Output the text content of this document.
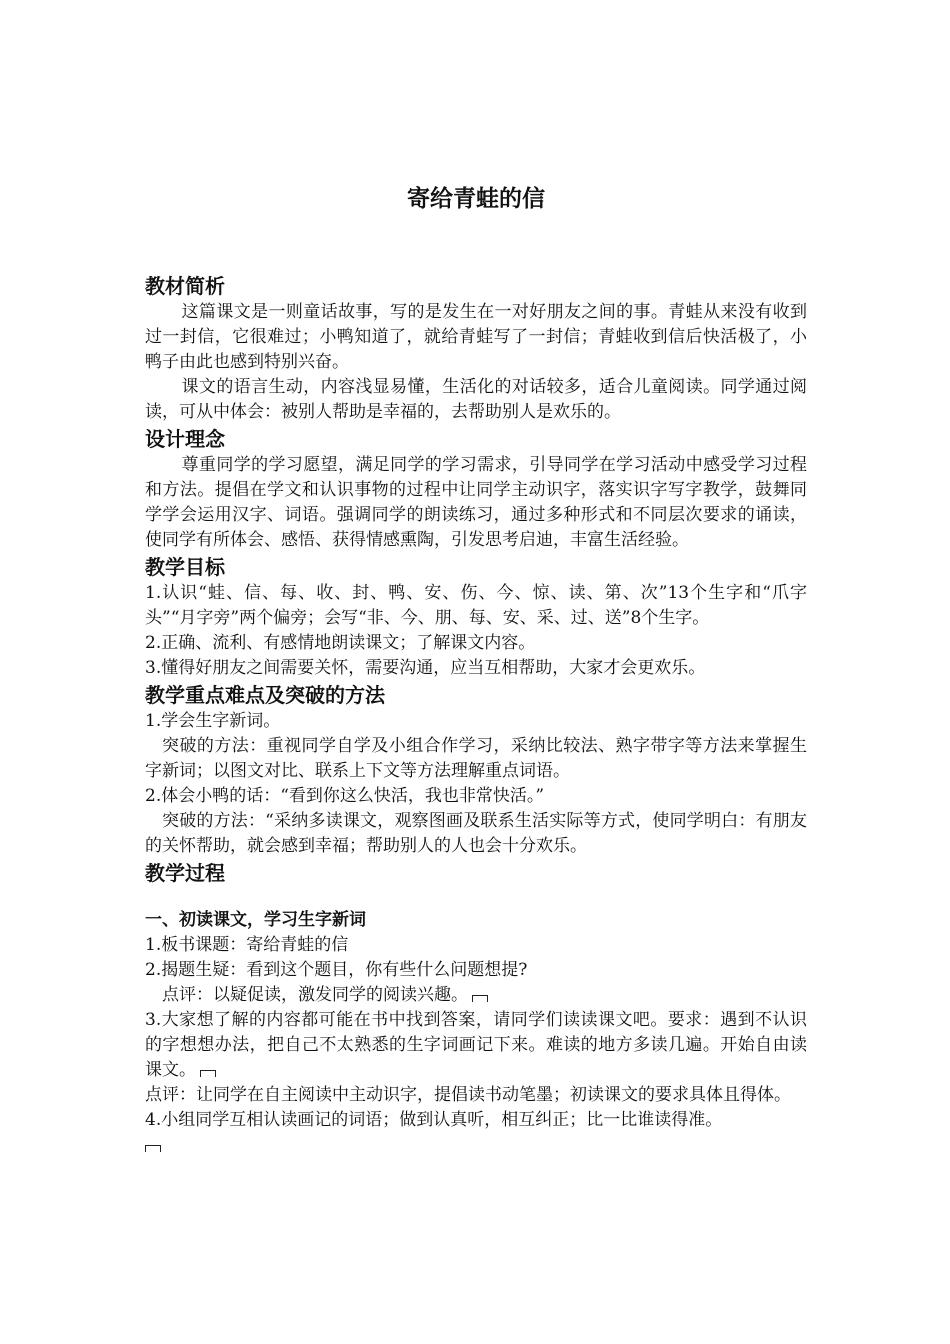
寄给青蛙的信
教材简析

这篇课文是一则童话故事，写的是发生在一对好朋友之间的事。青蛙从来没有收到过一封信，它很难过；小鸭知道了，就给青蛙写了一封信；青蛙收到信后快活极了，小鸭子由此也感到特别兴奋。

课文的语言生动，内容浅显易懂，生活化的对话较多，适合儿童阅读。同学通过阅读，可从中体会：被别人帮助是幸福的，去帮助别人是欢乐的。

设计理念

尊重同学的学习愿望，满足同学的学习需求，引导同学在学习活动中感受学习过程和方法。提倡在学文和认识事物的过程中让同学主动识字，落实识字写字教学，鼓舞同学学会运用汉字、词语。强调同学的朗读练习，通过多种形式和不同层次要求的诵读，使同学有所体会、感悟、获得情感熏陶，引发思考启迪，丰富生活经验。

教学目标

1.认识“蛙、信、每、收、封、鸭、安、伤、今、惊、读、第、次”13个生字和“爪字头”“月字旁”两个偏旁；会写“非、今、朋、每、安、采、过、送”8个生字。

2.正确、流利、有感情地朗读课文；了解课文内容。

3.懂得好朋友之间需要关怀，需要沟通，应当互相帮助，大家才会更欢乐。

教学重点难点及突破的方法

1.学会生字新词。

突破的方法：重视同学自学及小组合作学习，采纳比较法、熟字带字等方法来掌握生字新词；以图文对比、联系上下文等方法理解重点词语。

2.体会小鸭的话：“看到你这么快活，我也非常快活。”

突破的方法：“采纳多读课文，观察图画及联系生活实际等方式，使同学明白：有朋友的关怀帮助，就会感到幸福；帮助别人的人也会十分欢乐。

教学过程
一、初读课文，学习生字新词

1.板书课题：寄给青蛙的信

2.揭题生疑：看到这个题目，你有些什么问题想提?

点评：以疑促读，激发同学的阅读兴趣。

3.大家想了解的内容都可能在书中找到答案，请同学们读读课文吧。要求：遇到不认识的字想想办法，把自己不太熟悉的生字词画记下来。难读的地方多读几遍。开始自由读课文。

点评：让同学在自主阅读中主动识字，提倡读书动笔墨；初读课文的要求具体且得体。

4.小组同学互相认读画记的词语；做到认真听，相互纠正；比一比谁读得准。
